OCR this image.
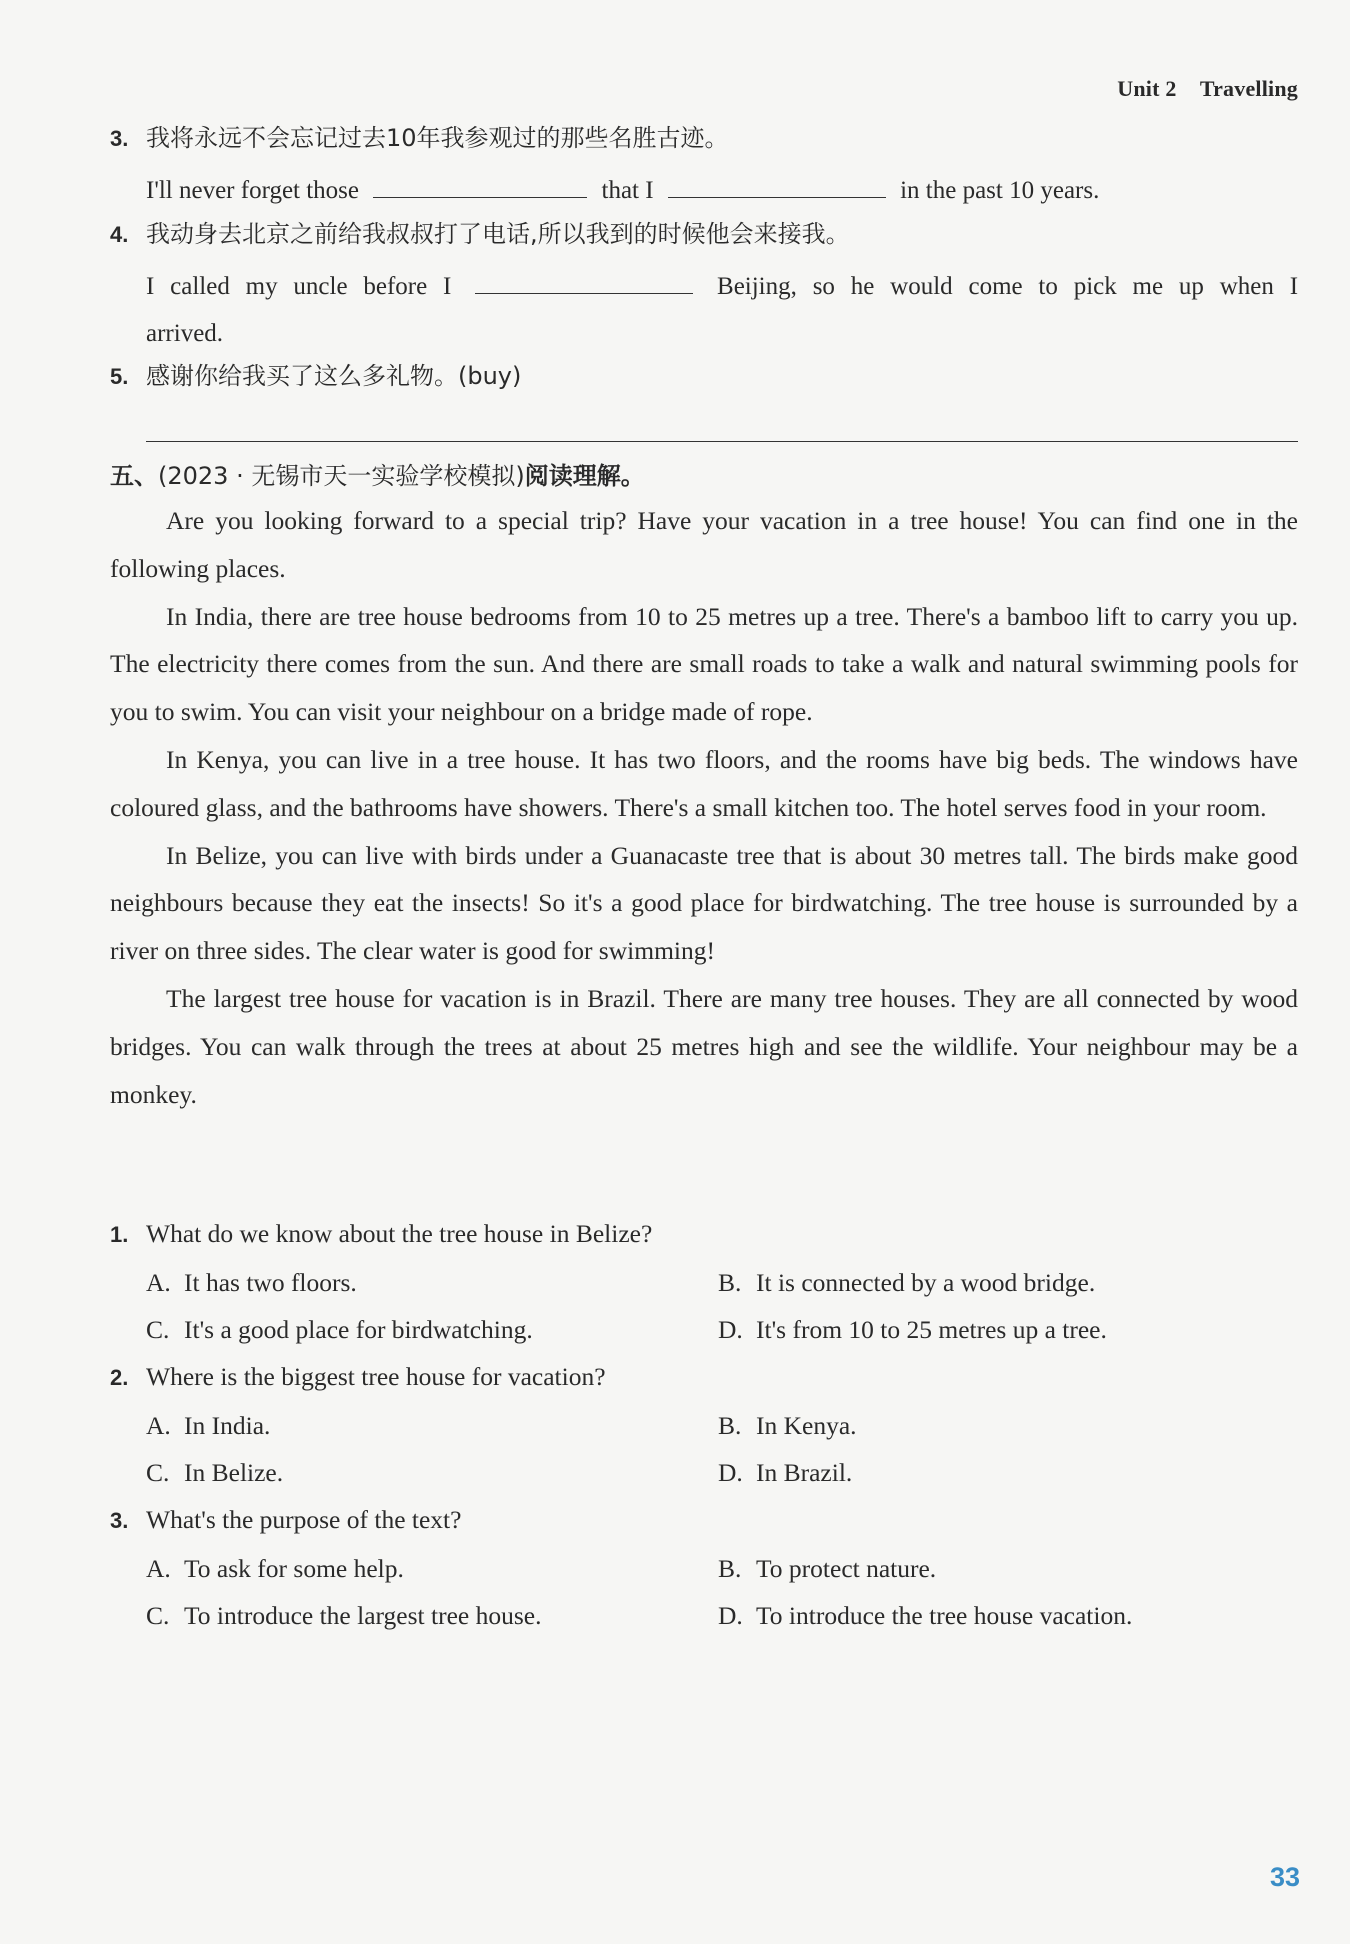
Unit 2 Travelling
3. 我将永远不会忘记过去10年我参观过的那些名胜古迹。
I'll never forget those	that I	in the past 10 years.
4. 我动身去北京之前给我叔叔打了电话,所以我到的时候他会来接我。
I called my uncle before I	Beijing, so he would come to pick me up when I
arrived.
5. 感谢你给我买了这么多礼物。(buy)
五、(2023 · 无锡市天一实验学校模拟)阅读理解。

Are you looking forward to a special trip? Have your vacation in a tree house! You can find one in the following places.

In India, there are tree house bedrooms from 10 to 25 metres up a tree. There's a bamboo lift to carry you up. The electricity there comes from the sun. And there are small roads to take a walk and natural swimming pools for you to swim. You can visit your neighbour on a bridge made of rope.

In Kenya, you can live in a tree house. It has two floors, and the rooms have big beds. The windows have coloured glass, and the bathrooms have showers. There's a small kitchen too. The hotel serves food in your room.

In Belize, you can live with birds under a Guanacaste tree that is about 30 metres tall. The birds make good neighbours because they eat the insects! So it's a good place for birdwatching. The tree house is surrounded by a river on three sides. The clear water is good for swimming!

The largest tree house for vacation is in Brazil. There are many tree houses. They are all connected by wood bridges. You can walk through the trees at about 25 metres high and see the wildlife. Your neighbour may be a monkey.

1. What do we know about the tree house in Belize?
A. It has two floors.	B. It is connected by a wood bridge.
C. It's a good place for birdwatching.	D. It's from 10 to 25 metres up a tree.
2. Where is the biggest tree house for vacation?
A. In India.	B. In Kenya.
C. In Belize.	D. In Brazil.
3. What's the purpose of the text?
A. To ask for some help.	B. To protect nature.
C. To introduce the largest tree house.	D. To introduce the tree house vacation.
33
